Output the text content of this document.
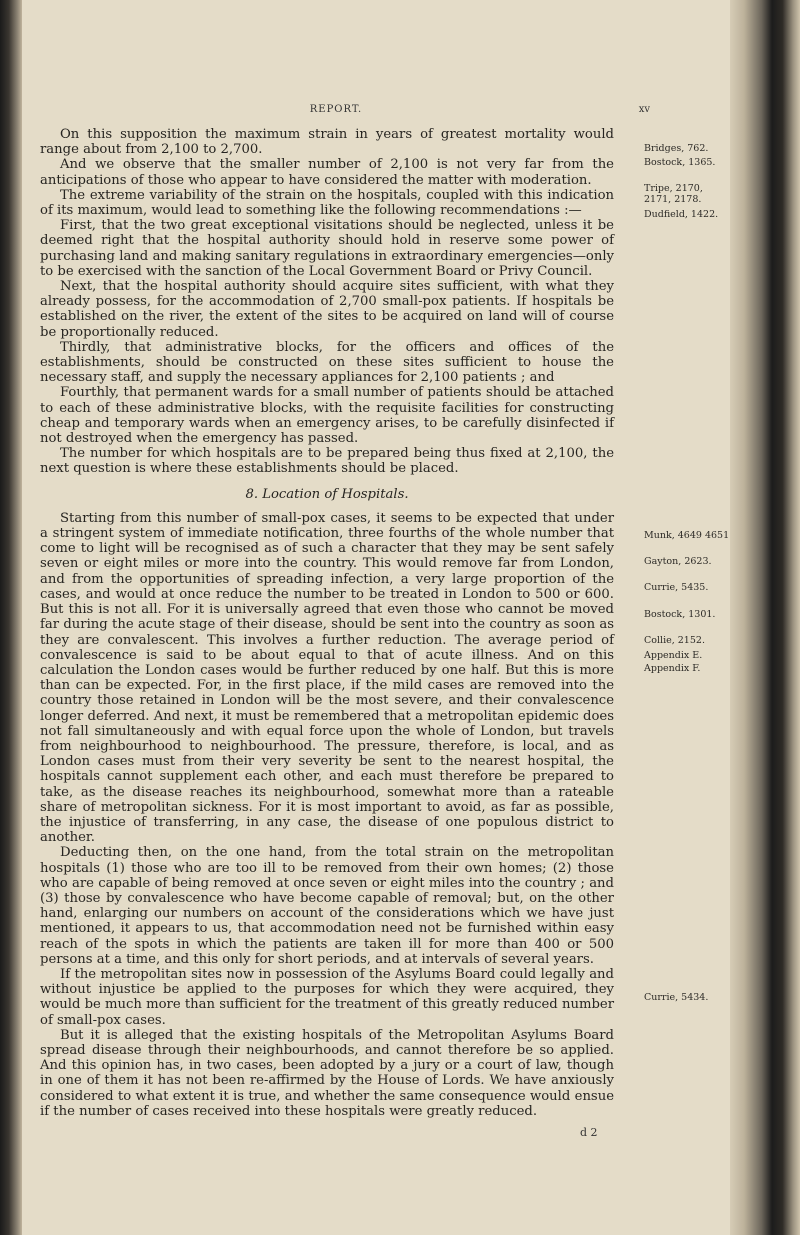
REPORT.	xv

On this supposition the maximum strain in years of greatest mortality would range about from 2,100 to 2,700.

And we observe that the smaller number of 2,100 is not very far from the anticipations of those who appear to have considered the matter with moderation.

The extreme variability of the strain on the hospitals, coupled with this indication of its maximum, would lead to something like the following recommendations :—

First, that the two great exceptional visitations should be neglected, unless it be deemed right that the hospital authority should hold in reserve some power of purchasing land and making sanitary regulations in extraordinary emergencies—only to be exercised with the sanction of the Local Government Board or Privy Council.

Next, that the hospital authority should acquire sites sufficient, with what they already possess, for the accommodation of 2,700 small-pox patients. If hospitals be established on the river, the extent of the sites to be acquired on land will of course be proportionally reduced.

Thirdly, that administrative blocks, for the officers and offices of the establishments, should be constructed on these sites sufficient to house the necessary staff, and supply the necessary appliances for 2,100 patients ; and

Fourthly, that permanent wards for a small number of patients should be attached to each of these administrative blocks, with the requisite facilities for constructing cheap and temporary wards when an emergency arises, to be carefully disinfected if not destroyed when the emergency has passed.

The number for which hospitals are to be prepared being thus fixed at 2,100, the next question is where these establishments should be placed.

8. Location of Hospitals.

Starting from this number of small-pox cases, it seems to be expected that under a stringent system of immediate notification, three fourths of the whole number that come to light will be recognised as of such a character that they may be sent safely seven or eight miles or more into the country. This would remove far from London, and from the opportunities of spreading infection, a very large proportion of the cases, and would at once reduce the number to be treated in London to 500 or 600. But this is not all. For it is universally agreed that even those who cannot be moved far during the acute stage of their disease, should be sent into the country as soon as they are convalescent. This involves a further reduction. The average period of convalescence is said to be about equal to that of acute illness. And on this calculation the London cases would be further reduced by one half. But this is more than can be expected. For, in the first place, if the mild cases are removed into the country those retained in London will be the most severe, and their convalescence longer deferred. And next, it must be remembered that a metropolitan epidemic does not fall simultaneously and with equal force upon the whole of London, but travels from neighbourhood to neighbourhood. The pressure, therefore, is local, and as London cases must from their very severity be sent to the nearest hospital, the hospitals cannot supplement each other, and each must therefore be prepared to take, as the disease reaches its neighbourhood, somewhat more than a rateable share of metropolitan sickness. For it is most important to avoid, as far as possible, the injustice of transferring, in any case, the disease of one populous district to another.

Deducting then, on the one hand, from the total strain on the metropolitan hospitals (1) those who are too ill to be removed from their own homes; (2) those who are capable of being removed at once seven or eight miles into the country ; and (3) those by convalescence who have become capable of removal; but, on the other hand, enlarging our numbers on account of the considerations which we have just mentioned, it appears to us, that accommodation need not be furnished within easy reach of the spots in which the patients are taken ill for more than 400 or 500 persons at a time, and this only for short periods, and at intervals of several years.

If the metropolitan sites now in possession of the Asylums Board could legally and without injustice be applied to the purposes for which they were acquired, they would be much more than sufficient for the treatment of this greatly reduced number of small-pox cases.

But it is alleged that the existing hospitals of the Metropolitan Asylums Board spread disease through their neighbourhoods, and cannot therefore be so applied. And this opinion has, in two cases, been adopted by a jury or a court of law, though in one of them it has not been re-affirmed by the House of Lords. We have anxiously considered to what extent it is true, and whether the same consequence would ensue if the number of cases received into these hospitals were greatly reduced.

Bridges, 762.
Bostock, 1365.
Tripe, 2170, 2171, 2178.
Dudfield, 1422.
Munk, 4649 4651
Gayton, 2623.
Currie, 5435.
Bostock, 1301.
Collie, 2152.
Appendix E.
Appendix F.
Currie, 5434.
d 2
